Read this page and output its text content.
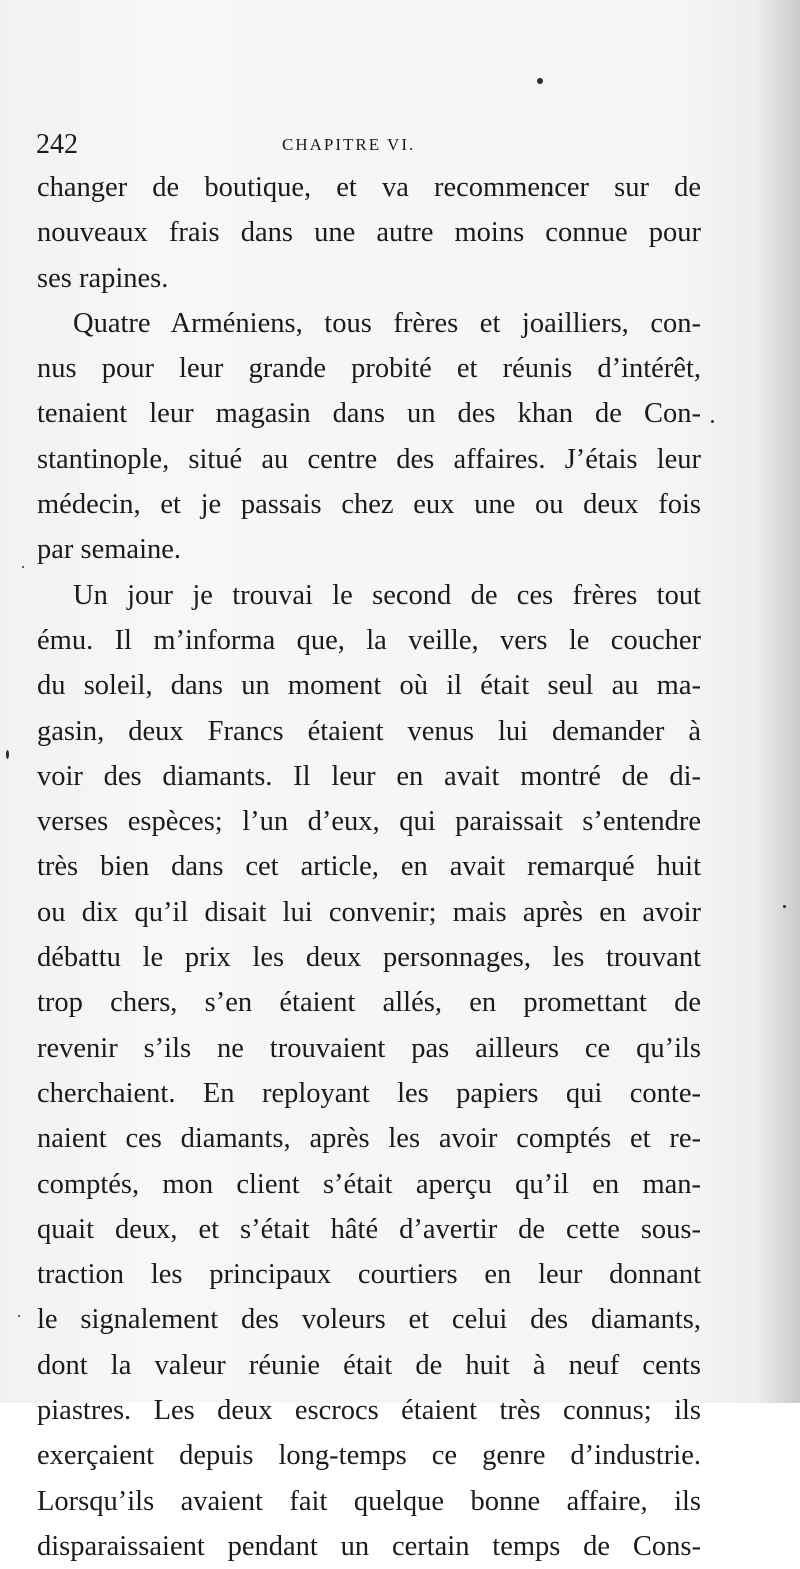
242	CHAPITRE VI.
changer de boutique, et va recommencer sur de
nouveaux frais dans une autre moins connue pour
ses rapines.
Quatre Arméniens, tous frères et joailliers, con-
nus pour leur grande probité et réunis d’intérêt,
tenaient leur magasin dans un des khan de Con-
stantinople, situé au centre des affaires. J’étais leur
médecin, et je passais chez eux une ou deux fois
par semaine.
Un jour je trouvai le second de ces frères tout
ému. Il m’informa que, la veille, vers le coucher
du soleil, dans un moment où il était seul au ma-
gasin, deux Francs étaient venus lui demander à
voir des diamants. Il leur en avait montré de di-
verses espèces; l’un d’eux, qui paraissait s’entendre
très bien dans cet article, en avait remarqué huit
ou dix qu’il disait lui convenir; mais après en avoir
débattu le prix les deux personnages, les trouvant
trop chers, s’en étaient allés, en promettant de
revenir s’ils ne trouvaient pas ailleurs ce qu’ils
cherchaient. En reployant les papiers qui conte-
naient ces diamants, après les avoir comptés et re-
comptés, mon client s’était aperçu qu’il en man-
quait deux, et s’était hâté d’avertir de cette sous-
traction les principaux courtiers en leur donnant
le signalement des voleurs et celui des diamants,
dont la valeur réunie était de huit à neuf cents
piastres. Les deux escrocs étaient très connus; ils
exerçaient depuis long-temps ce genre d’industrie.
Lorsqu’ils avaient fait quelque bonne affaire, ils
disparaissaient pendant un certain temps de Cons-
